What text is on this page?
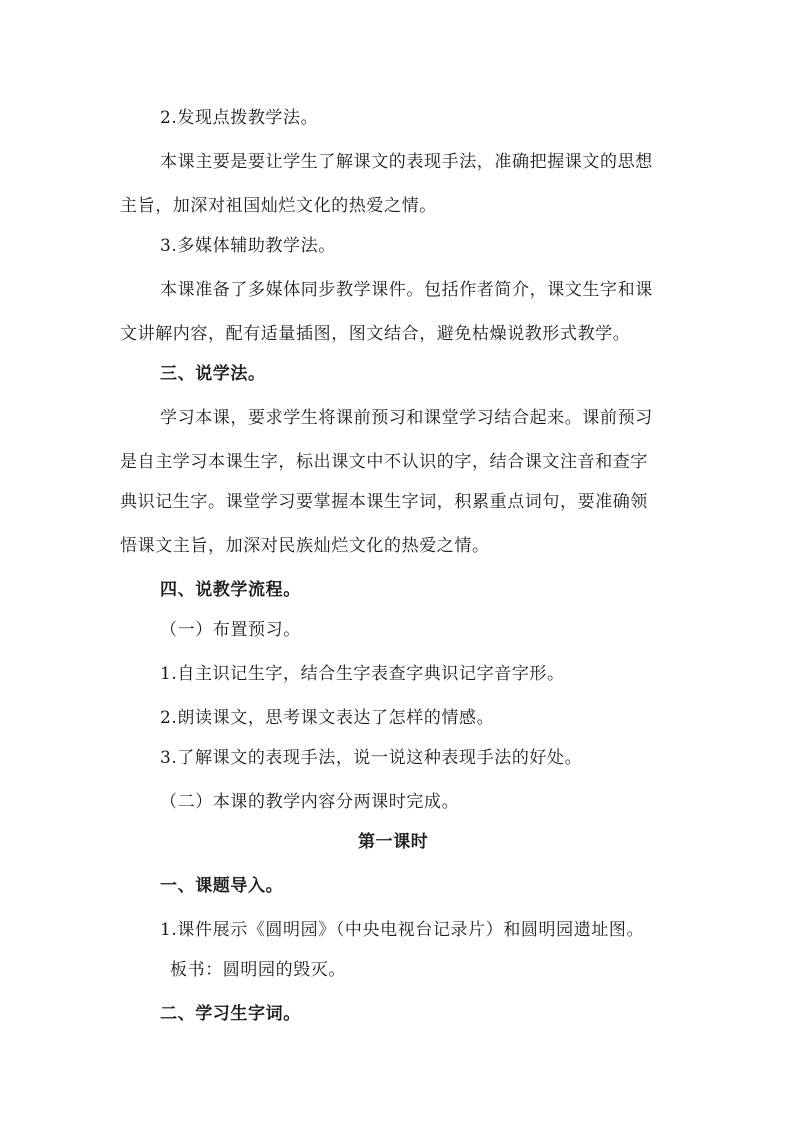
2.发现点拨教学法。
本课主要是要让学生了解课文的表现手法，准确把握课文的思想
主旨，加深对祖国灿烂文化的热爱之情。
3.多媒体辅助教学法。
本课准备了多媒体同步教学课件。包括作者简介，课文生字和课
文讲解内容，配有适量插图，图文结合，避免枯燥说教形式教学。
三、说学法。
学习本课，要求学生将课前预习和课堂学习结合起来。课前预习
是自主学习本课生字，标出课文中不认识的字，结合课文注音和查字
典识记生字。课堂学习要掌握本课生字词，积累重点词句，要准确领
悟课文主旨，加深对民族灿烂文化的热爱之情。
四、说教学流程。
（一）布置预习。
1.自主识记生字，结合生字表查字典识记字音字形。
2.朗读课文，思考课文表达了怎样的情感。
3.了解课文的表现手法，说一说这种表现手法的好处。
（二）本课的教学内容分两课时完成。
第一课时
一、课题导入。
1.课件展示《圆明园》（中央电视台记录片）和圆明园遗址图。
板书：圆明园的毁灭。
二、学习生字词。
